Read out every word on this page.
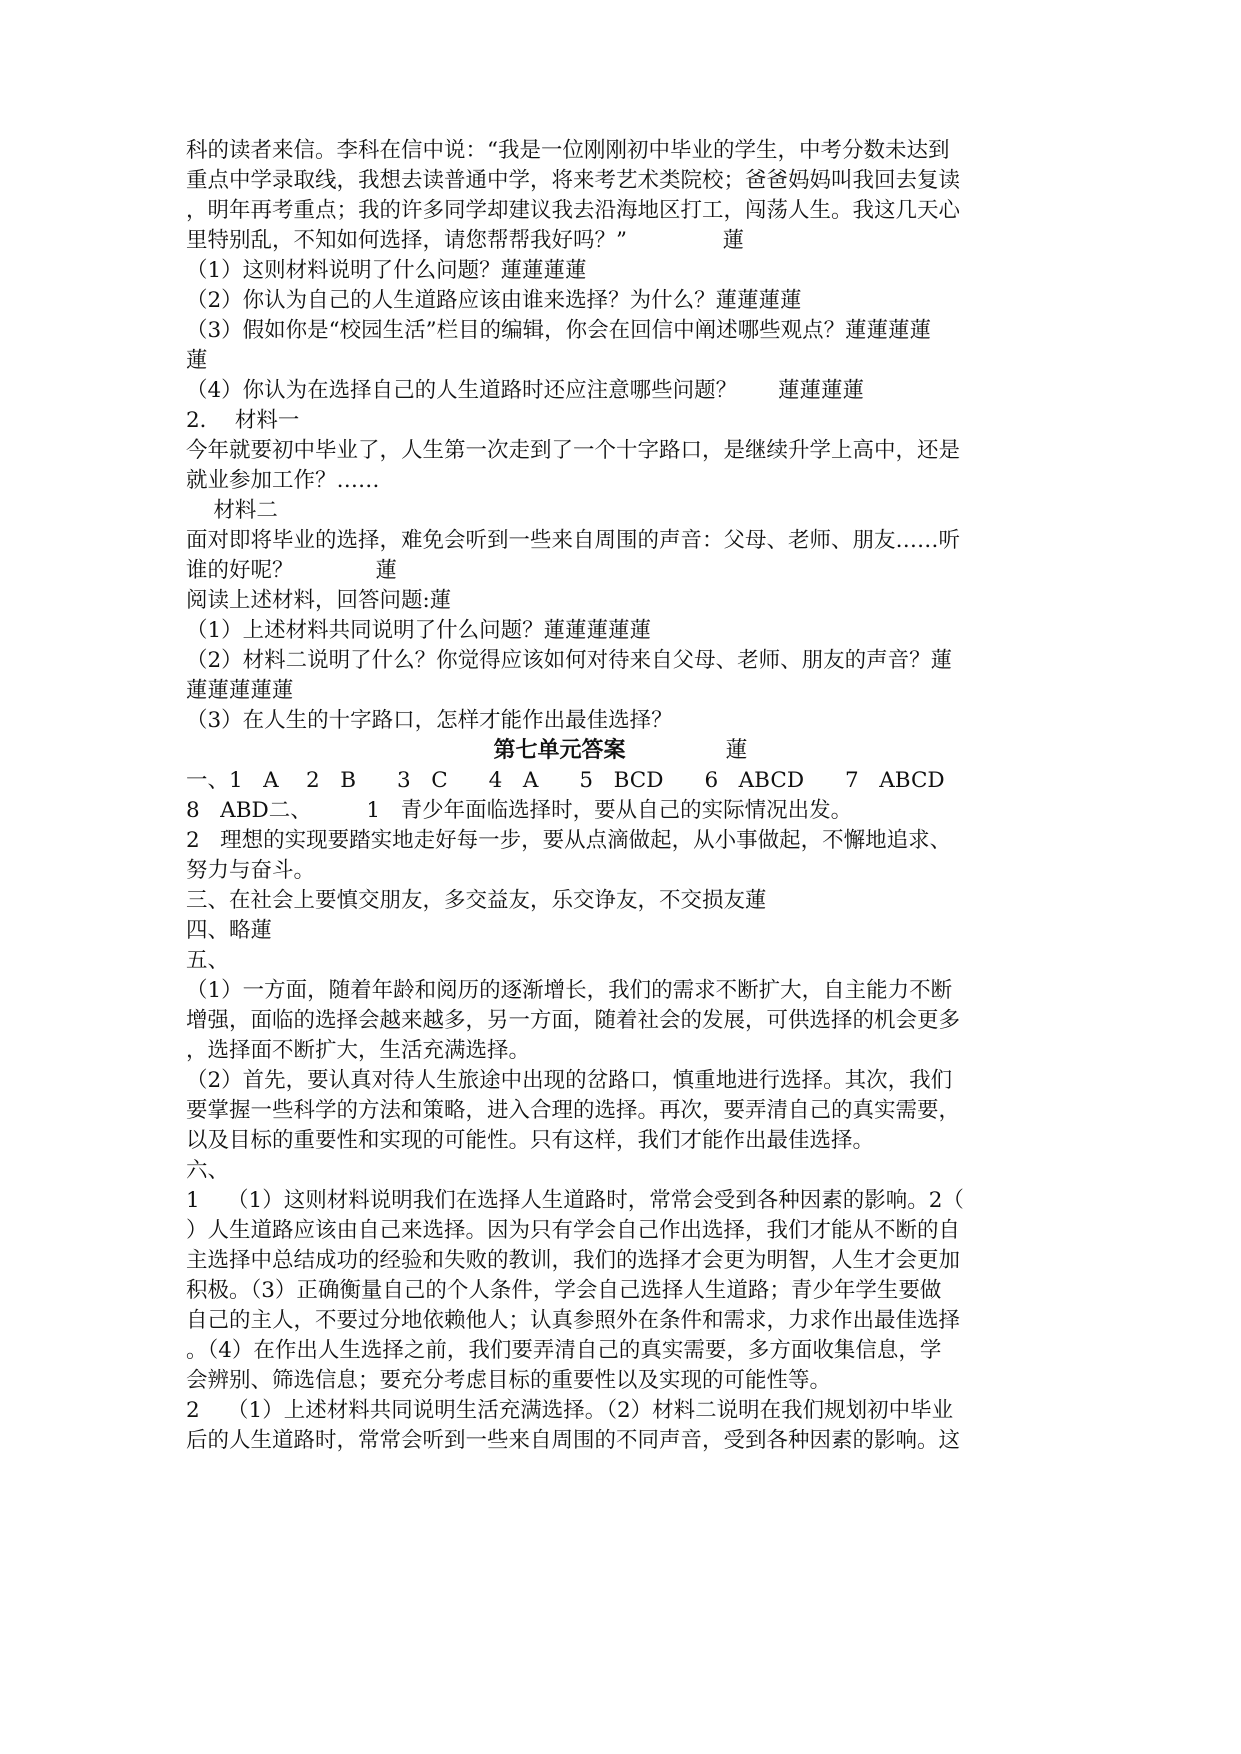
科的读者来信。李科在信中说：“我是一位刚刚初中毕业的学生，中考分数未达到
重点中学录取线，我想去读普通中学，将来考艺术类院校；爸爸妈妈叫我回去复读
，明年再考重点；我的许多同学却建议我去沿海地区打工，闯荡人生。我这几天心
里特别乱，不知如何选择，请您帮帮我好吗？”              蓮
（1）这则材料说明了什么问题？蓮蓮蓮蓮
（2）你认为自己的人生道路应该由谁来选择？为什么？蓮蓮蓮蓮
（3）假如你是“校园生活”栏目的编辑，你会在回信中阐述哪些观点？蓮蓮蓮蓮
蓮
（4）你认为在选择自己的人生道路时还应注意哪些问题？      蓮蓮蓮蓮
2．  材料一
今年就要初中毕业了，人生第一次走到了一个十字路口，是继续升学上高中，还是
就业参加工作？……
材料二
面对即将毕业的选择，难免会听到一些来自周围的声音：父母、老师、朋友……听
谁的好呢？            蓮
阅读上述材料，回答问题:蓮
（1）上述材料共同说明了什么问题？蓮蓮蓮蓮蓮
（2）材料二说明了什么？你觉得应该如何对待来自父母、老师、朋友的声音？蓮
蓮蓮蓮蓮蓮
（3）在人生的十字路口，怎样才能作出最佳选择？
第七单元答案	蓮
一、1   A    2   B      3   C      4   A      5   BCD      6   ABCD      7   ABCD
8   ABD二、        1   青少年面临选择时，要从自己的实际情况出发。
2   理想的实现要踏实地走好每一步，要从点滴做起，从小事做起，不懈地追求、
努力与奋斗。
三、在社会上要慎交朋友，多交益友，乐交诤友，不交损友蓮
四、略蓮
五、
（1）一方面，随着年龄和阅历的逐渐增长，我们的需求不断扩大，自主能力不断
增强，面临的选择会越来越多，另一方面，随着社会的发展，可供选择的机会更多
，选择面不断扩大，生活充满选择。
（2）首先，要认真对待人生旅途中出现的岔路口，慎重地进行选择。其次，我们
要掌握一些科学的方法和策略，进入合理的选择。再次，要弄清自己的真实需要，
以及目标的重要性和实现的可能性。只有这样，我们才能作出最佳选择。
六、
1    （1）这则材料说明我们在选择人生道路时，常常会受到各种因素的影响。2（
）人生道路应该由自己来选择。因为只有学会自己作出选择，我们才能从不断的自
主选择中总结成功的经验和失败的教训，我们的选择才会更为明智，人生才会更加
积极。（3）正确衡量自己的个人条件，学会自己选择人生道路；青少年学生要做
自己的主人，不要过分地依赖他人；认真参照外在条件和需求，力求作出最佳选择
。（4）在作出人生选择之前，我们要弄清自己的真实需要，多方面收集信息，学
会辨别、筛选信息；要充分考虑目标的重要性以及实现的可能性等。
2    （1）上述材料共同说明生活充满选择。（2）材料二说明在我们规划初中毕业
后的人生道路时，常常会听到一些来自周围的不同声音，受到各种因素的影响。这
